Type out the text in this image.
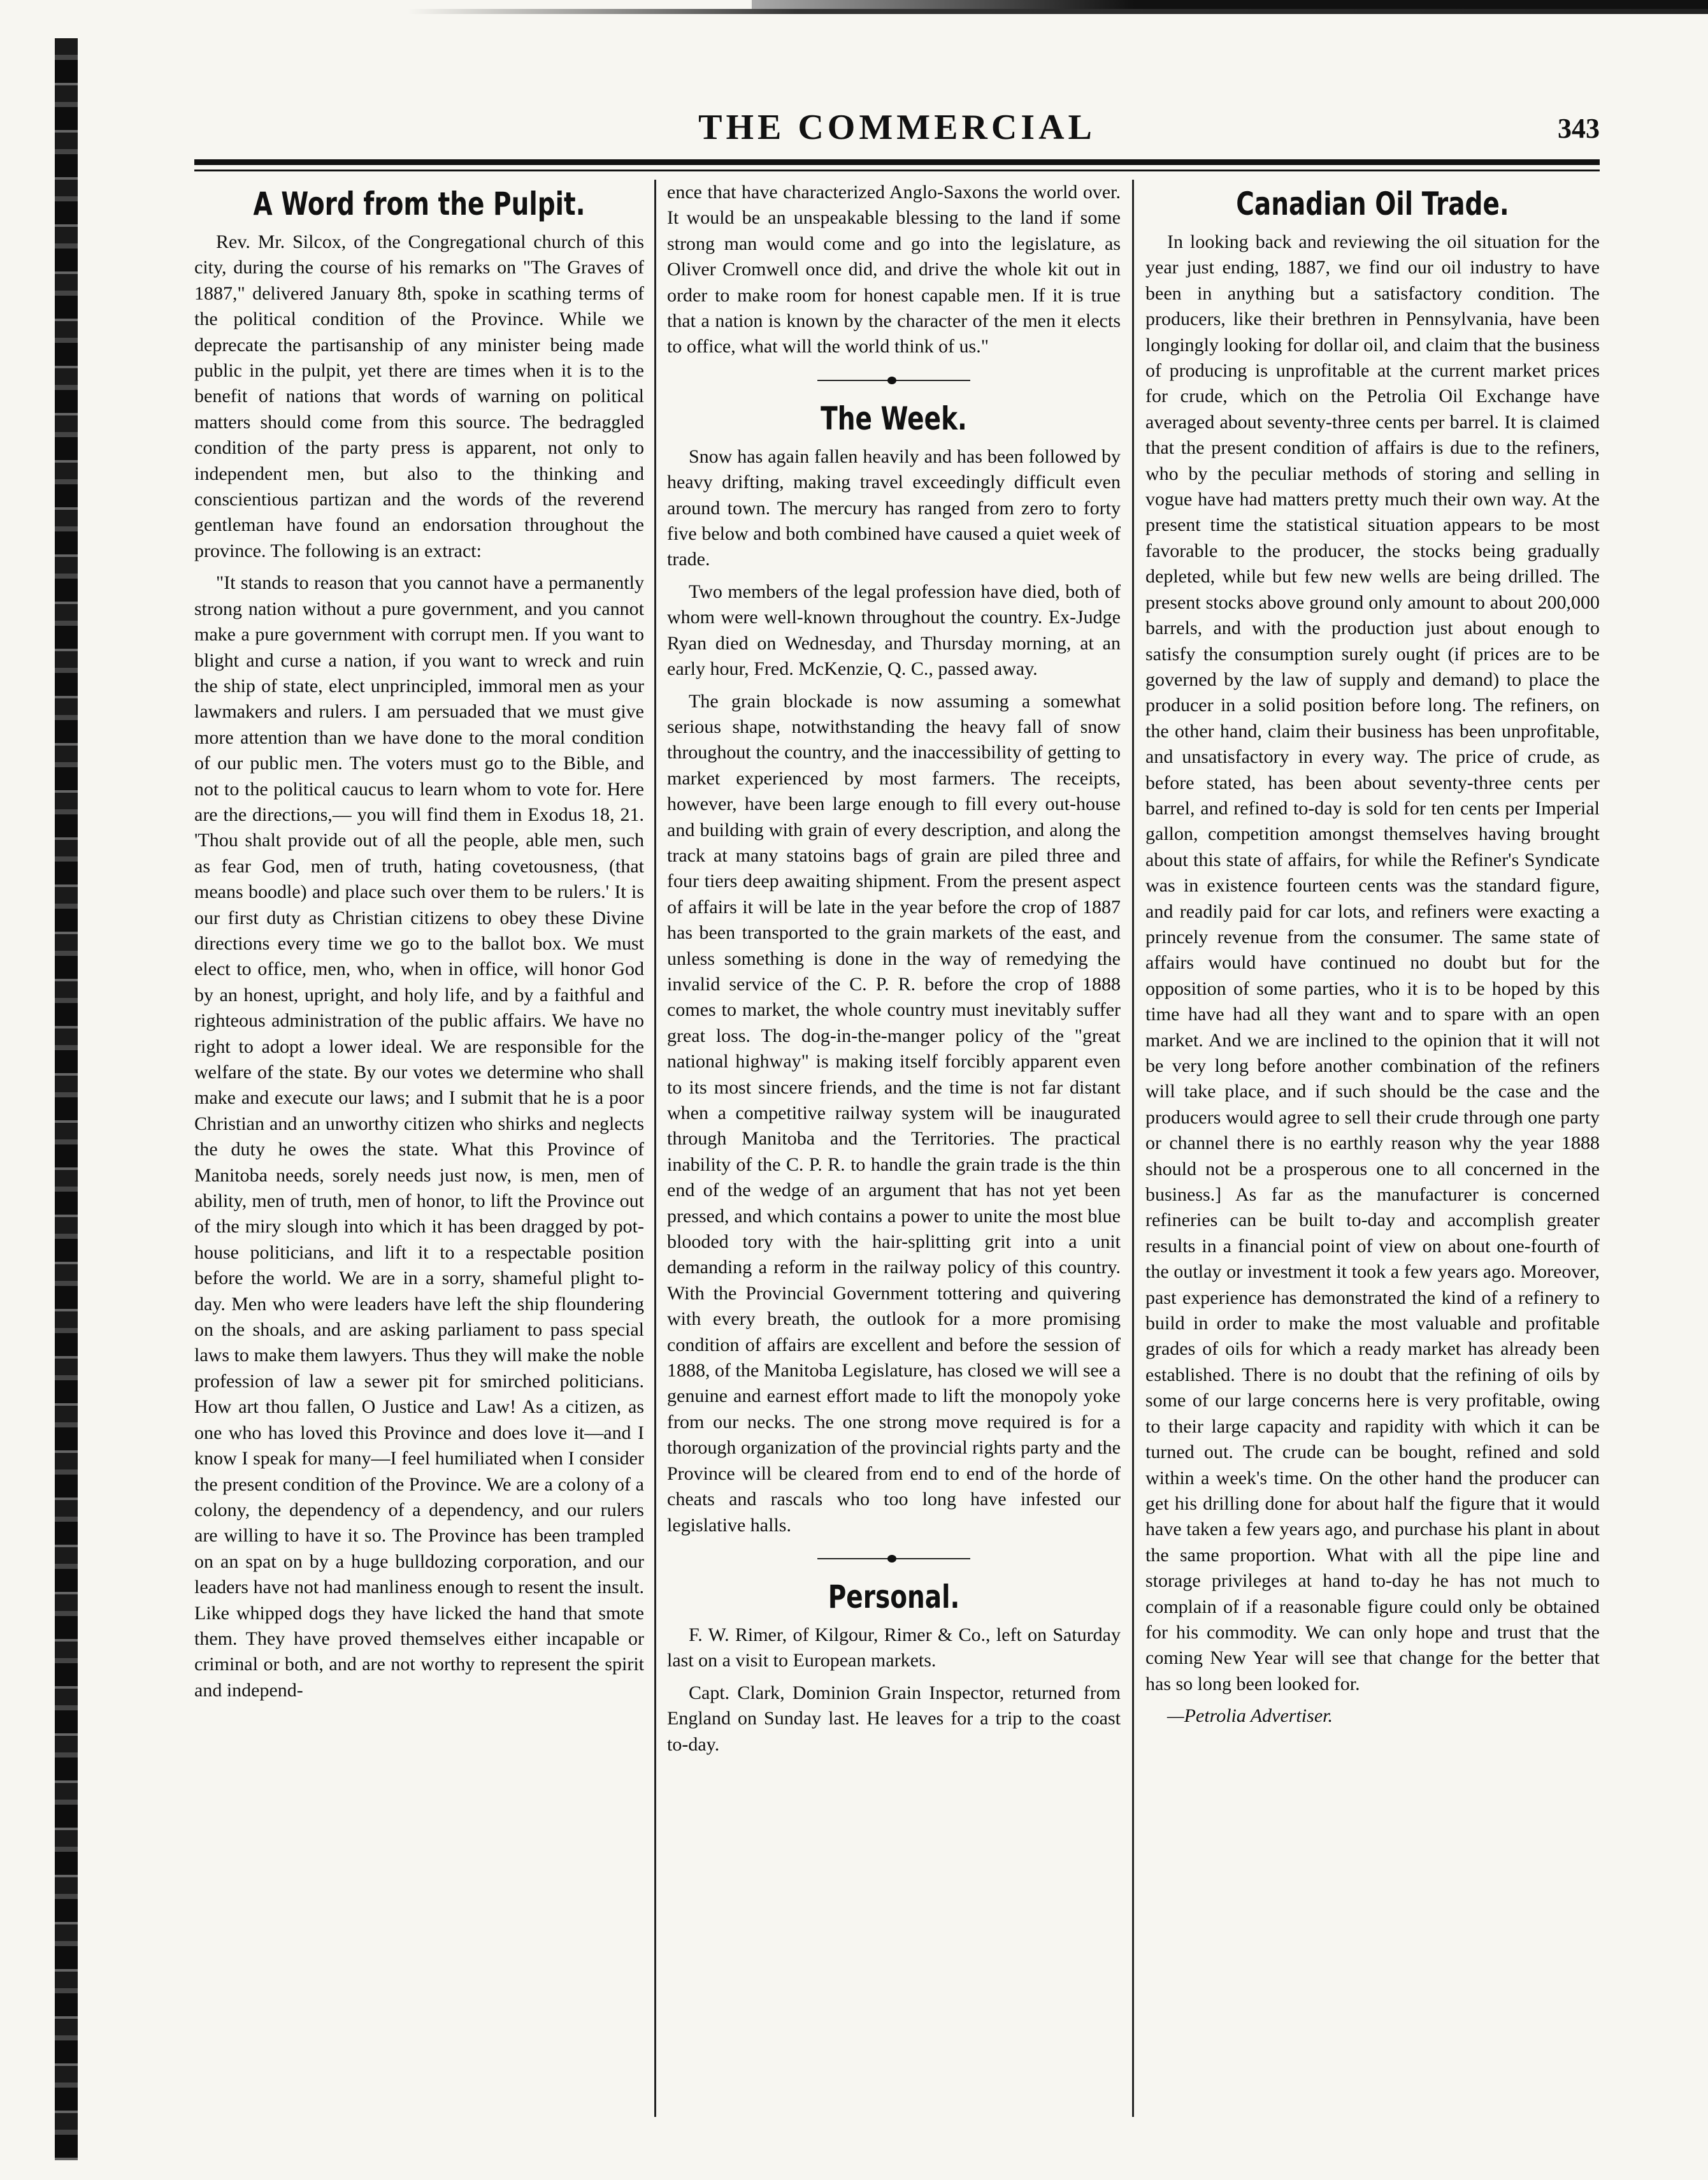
THE COMMERCIAL	343
A Word from the Pulpit.

Rev. Mr. Silcox, of the Congregational church of this city, during the course of his remarks on "The Graves of 1887," delivered January 8th, spoke in scathing terms of the political condition of the Province. While we deprecate the partisanship of any minister being made public in the pulpit, yet there are times when it is to the benefit of nations that words of warning on political matters should come from this source. The bedraggled condition of the party press is apparent, not only to independent men, but also to the thinking and conscientious partizan and the words of the reverend gentleman have found an endorsation throughout the province. The following is an extract:

"It stands to reason that you cannot have a permanently strong nation without a pure government, and you cannot make a pure government with corrupt men. If you want to blight and curse a nation, if you want to wreck and ruin the ship of state, elect unprincipled, immoral men as your lawmakers and rulers. I am persuaded that we must give more attention than we have done to the moral condition of our public men. The voters must go to the Bible, and not to the political caucus to learn whom to vote for. Here are the directions,— you will find them in Exodus 18, 21. 'Thou shalt provide out of all the people, able men, such as fear God, men of truth, hating covetousness, (that means boodle) and place such over them to be rulers.' It is our first duty as Christian citizens to obey these Divine directions every time we go to the ballot box. We must elect to office, men, who, when in office, will honor God by an honest, upright, and holy life, and by a faithful and righteous administration of the public affairs. We have no right to adopt a lower ideal. We are responsible for the welfare of the state. By our votes we determine who shall make and execute our laws; and I submit that he is a poor Christian and an unworthy citizen who shirks and neglects the duty he owes the state. What this Province of Manitoba needs, sorely needs just now, is men, men of ability, men of truth, men of honor, to lift the Province out of the miry slough into which it has been dragged by pot-house politicians, and lift it to a respectable position before the world. We are in a sorry, shameful plight to-day. Men who were leaders have left the ship floundering on the shoals, and are asking parliament to pass special laws to make them lawyers. Thus they will make the noble profession of law a sewer pit for smirched politicians. How art thou fallen, O Justice and Law! As a citizen, as one who has loved this Province and does love it—and I know I speak for many—I feel humiliated when I consider the present condition of the Province. We are a colony of a colony, the dependency of a dependency, and our rulers are willing to have it so. The Province has been trampled on an spat on by a huge bulldozing corporation, and our leaders have not had manliness enough to resent the insult. Like whipped dogs they have licked the hand that smote them. They have proved themselves either incapable or criminal or both, and are not worthy to represent the spirit and independ-

ence that have characterized Anglo-Saxons the world over. It would be an unspeakable blessing to the land if some strong man would come and go into the legislature, as Oliver Cromwell once did, and drive the whole kit out in order to make room for honest capable men. If it is true that a nation is known by the character of the men it elects to office, what will the world think of us."

The Week.

Snow has again fallen heavily and has been followed by heavy drifting, making travel exceedingly difficult even around town. The mercury has ranged from zero to forty five below and both combined have caused a quiet week of trade.

Two members of the legal profession have died, both of whom were well-known throughout the country. Ex-Judge Ryan died on Wednesday, and Thursday morning, at an early hour, Fred. McKenzie, Q. C., passed away.

The grain blockade is now assuming a somewhat serious shape, notwithstanding the heavy fall of snow throughout the country, and the inaccessibility of getting to market experienced by most farmers. The receipts, however, have been large enough to fill every out-house and building with grain of every description, and along the track at many statoins bags of grain are piled three and four tiers deep awaiting shipment. From the present aspect of affairs it will be late in the year before the crop of 1887 has been transported to the grain markets of the east, and unless something is done in the way of remedying the invalid service of the C. P. R. before the crop of 1888 comes to market, the whole country must inevitably suffer great loss. The dog-in-the-manger policy of the "great national highway" is making itself forcibly apparent even to its most sincere friends, and the time is not far distant when a competitive railway system will be inaugurated through Manitoba and the Territories. The practical inability of the C. P. R. to handle the grain trade is the thin end of the wedge of an argument that has not yet been pressed, and which contains a power to unite the most blue blooded tory with the hair-splitting grit into a unit demanding a reform in the railway policy of this country. With the Provincial Government tottering and quivering with every breath, the outlook for a more promising condition of affairs are excellent and before the session of 1888, of the Manitoba Legislature, has closed we will see a genuine and earnest effort made to lift the monopoly yoke from our necks. The one strong move required is for a thorough organization of the provincial rights party and the Province will be cleared from end to end of the horde of cheats and rascals who too long have infested our legislative halls.

Personal.

F. W. Rimer, of Kilgour, Rimer & Co., left on Saturday last on a visit to European markets.

Capt. Clark, Dominion Grain Inspector, returned from England on Sunday last. He leaves for a trip to the coast to-day.

Canadian Oil Trade.

In looking back and reviewing the oil situation for the year just ending, 1887, we find our oil industry to have been in anything but a satisfactory condition. The producers, like their brethren in Pennsylvania, have been longingly looking for dollar oil, and claim that the business of producing is unprofitable at the current market prices for crude, which on the Petrolia Oil Exchange have averaged about seventy-three cents per barrel. It is claimed that the present condition of affairs is due to the refiners, who by the peculiar methods of storing and selling in vogue have had matters pretty much their own way. At the present time the statistical situation appears to be most favorable to the producer, the stocks being gradually depleted, while but few new wells are being drilled. The present stocks above ground only amount to about 200,000 barrels, and with the production just about enough to satisfy the consumption surely ought (if prices are to be governed by the law of supply and demand) to place the producer in a solid position before long. The refiners, on the other hand, claim their business has been unprofitable, and unsatisfactory in every way. The price of crude, as before stated, has been about seventy-three cents per barrel, and refined to-day is sold for ten cents per Imperial gallon, competition amongst themselves having brought about this state of affairs, for while the Refiner's Syndicate was in existence fourteen cents was the standard figure, and readily paid for car lots, and refiners were exacting a princely revenue from the consumer. The same state of affairs would have continued no doubt but for the opposition of some parties, who it is to be hoped by this time have had all they want and to spare with an open market. And we are inclined to the opinion that it will not be very long before another combination of the refiners will take place, and if such should be the case and the producers would agree to sell their crude through one party or channel there is no earthly reason why the year 1888 should not be a prosperous one to all concerned in the business.] As far as the manufacturer is concerned refineries can be built to-day and accomplish greater results in a financial point of view on about one-fourth of the outlay or investment it took a few years ago. Moreover, past experience has demonstrated the kind of a refinery to build in order to make the most valuable and profitable grades of oils for which a ready market has already been established. There is no doubt that the refining of oils by some of our large concerns here is very profitable, owing to their large capacity and rapidity with which it can be turned out. The crude can be bought, refined and sold within a week's time. On the other hand the producer can get his drilling done for about half the figure that it would have taken a few years ago, and purchase his plant in about the same proportion. What with all the pipe line and storage privileges at hand to-day he has not much to complain of if a reasonable figure could only be obtained for his commodity. We can only hope and trust that the coming New Year will see that change for the better that has so long been looked for.

—Petrolia Advertiser.
